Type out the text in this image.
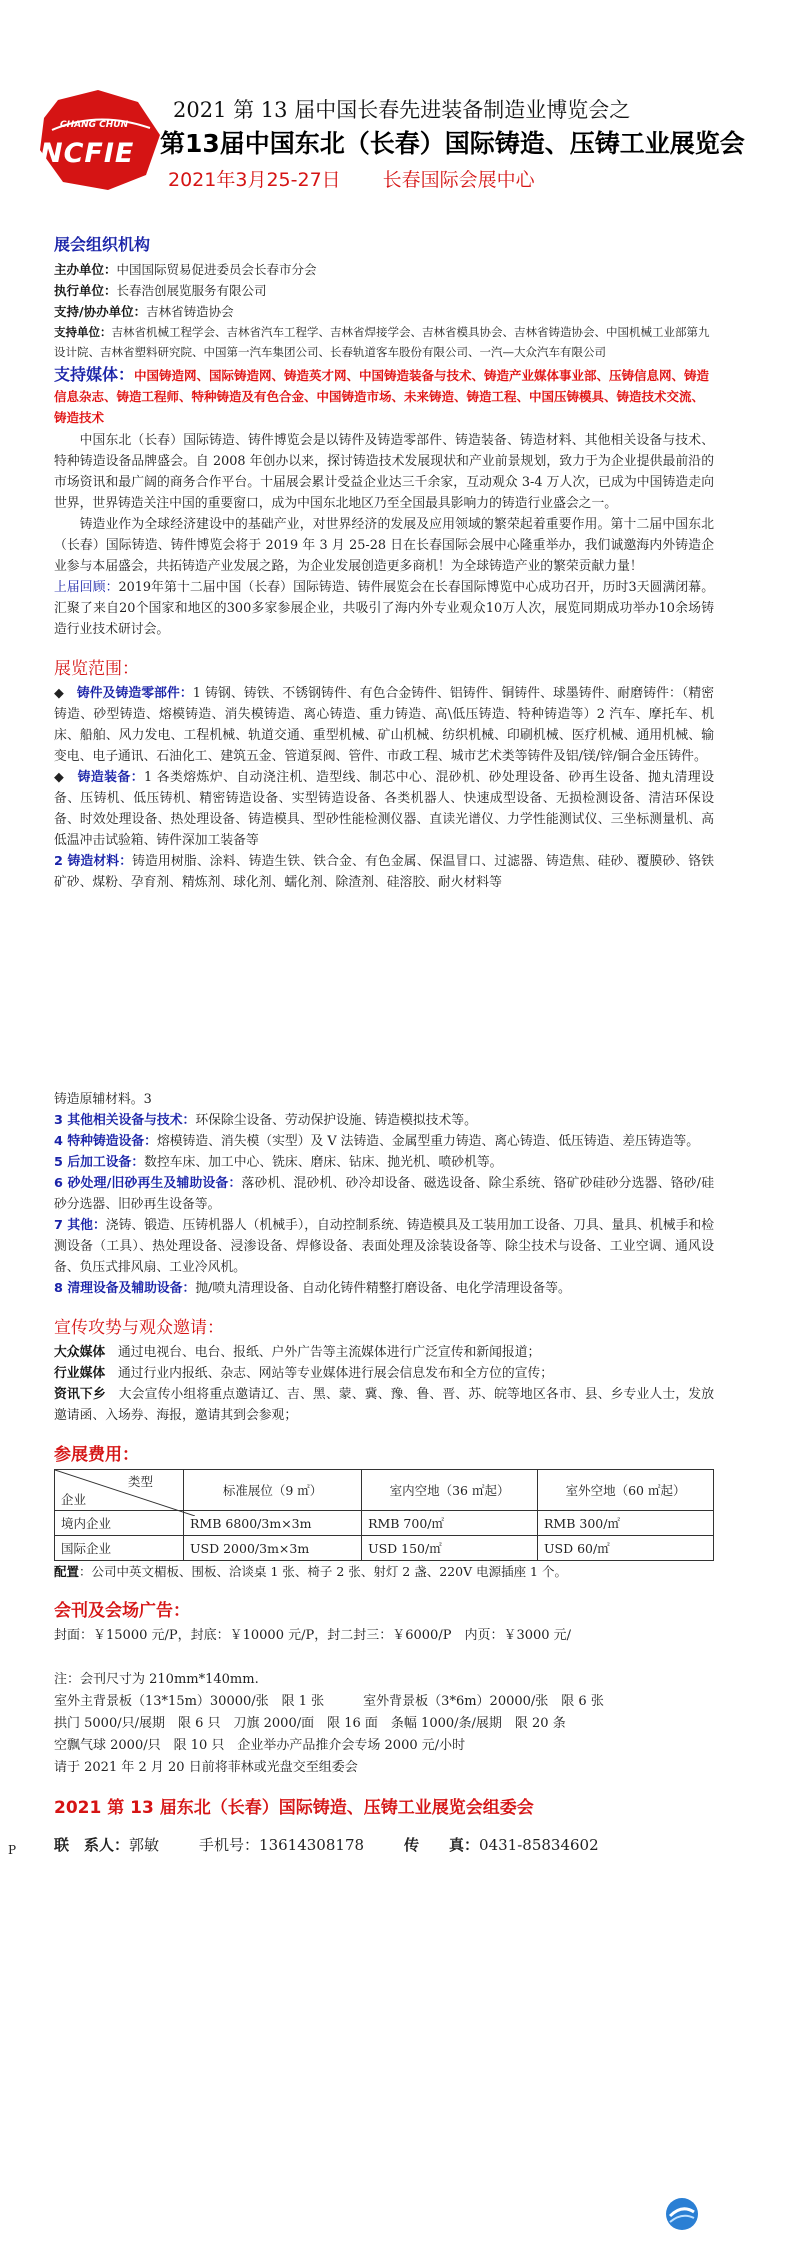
CHANG CHUN
NCFIE
2021 第 13 届中国长春先进装备制造业博览会之
第13届中国东北（长春）国际铸造、压铸工业展览会
2021年3月25-27日 长春国际会展中心
展会组织机构

主办单位：中国国际贸易促进委员会长春市分会

执行单位：长春浩创展览服务有限公司

支持/协办单位：吉林省铸造协会

支持单位：吉林省机械工程学会、吉林省汽车工程学、吉林省焊接学会、吉林省模具协会、吉林省铸造协会、中国机械工业部第九设计院、吉林省塑料研究院、中国第一汽车集团公司、长春轨道客车股份有限公司、一汽—大众汽车有限公司

支持媒体：中国铸造网、国际铸造网、铸造英才网、中国铸造装备与技术、铸造产业媒体事业部、压铸信息网、铸造信息杂志、铸造工程师、特种铸造及有色合金、中国铸造市场、未来铸造、铸造工程、中国压铸模具、铸造技术交流、铸造技术

中国东北（长春）国际铸造、铸件博览会是以铸件及铸造零部件、铸造装备、铸造材料、其他相关设备与技术、特种铸造设备品牌盛会。自 2008 年创办以来，探讨铸造技术发展现状和产业前景规划，致力于为企业提供最前沿的市场资讯和最广阔的商务合作平台。十届展会累计受益企业达三千余家，互动观众 3-4 万人次，已成为中国铸造走向世界，世界铸造关注中国的重要窗口，成为中国东北地区乃至全国最具影响力的铸造行业盛会之一。

铸造业作为全球经济建设中的基础产业，对世界经济的发展及应用领域的繁荣起着重要作用。第十二届中国东北（长春）国际铸造、铸件博览会将于 2019 年 3 月 25-28 日在长春国际会展中心隆重举办，我们诚邀海内外铸造企业参与本届盛会，共拓铸造产业发展之路，为企业发展创造更多商机！为全球铸造产业的繁荣贡献力量！

上届回顾：2019年第十二届中国（长春）国际铸造、铸件展览会在长春国际博览中心成功召开，历时3天圆满闭幕。汇聚了来自20个国家和地区的300多家参展企业，共吸引了海内外专业观众10万人次，展览同期成功举办10余场铸造行业技术研讨会。

展览范围：

◆　 铸件及铸造零部件：1 铸钢、铸铁、不锈钢铸件、有色合金铸件、铝铸件、铜铸件、球墨铸件、耐磨铸件：（精密铸造、砂型铸造、熔模铸造、消失模铸造、离心铸造、重力铸造、高\低压铸造、特种铸造等）2 汽车、摩托车、机床、船舶、风力发电、工程机械、轨道交通、重型机械、矿山机械、纺织机械、印刷机械、医疗机械、通用机械、输变电、电子通讯、石油化工、建筑五金、管道泵阀、管件、市政工程、城市艺术类等铸件及铝/镁/锌/铜合金压铸件。

◆　 铸造装备：1 各类熔炼炉、自动浇注机、造型线、制芯中心、混砂机、砂处理设备、砂再生设备、抛丸清理设备、压铸机、低压铸机、精密铸造设备、实型铸造设备、各类机器人、快速成型设备、无损检测设备、清洁环保设备、时效处理设备、热处理设备、铸造模具、型砂性能检测仪器、直读光谱仪、力学性能测试仪、三坐标测量机、高低温冲击试验箱、铸件深加工装备等

2 铸造材料：铸造用树脂、涂料、铸造生铁、铁合金、有色金属、保温冒口、过滤器、铸造焦、硅砂、覆膜砂、铬铁矿砂、煤粉、孕育剂、精炼剂、球化剂、蠕化剂、除渣剂、硅溶胶、耐火材料等

铸造原辅材料。3

3 其他相关设备与技术：环保除尘设备、劳动保护设施、铸造模拟技术等。

4 特种铸造设备：熔模铸造、消失模（实型）及 V 法铸造、金属型重力铸造、离心铸造、低压铸造、差压铸造等。

5 后加工设备：数控车床、加工中心、铣床、磨床、钻床、抛光机、喷砂机等。

6 砂处理/旧砂再生及辅助设备：落砂机、混砂机、砂冷却设备、磁选设备、除尘系统、铬矿砂硅砂分选器、铬砂/硅砂分选器、旧砂再生设备等。

7 其他：浇铸、锻造、压铸机器人（机械手），自动控制系统、铸造模具及工装用加工设备、刀具、量具、机械手和检测设备（工具）、热处理设备、浸渗设备、焊修设备、表面处理及涂装设备等、除尘技术与设备、工业空调、通风设备、负压式排风扇、工业冷风机。

8 清理设备及辅助设备：抛/喷丸清理设备、自动化铸件精整打磨设备、电化学清理设备等。

宣传攻势与观众邀请：

大众媒体　 通过电视台、电台、报纸、户外广告等主流媒体进行广泛宣传和新闻报道；

行业媒体　 通过行业内报纸、杂志、网站等专业媒体进行展会信息发布和全方位的宣传；

资讯下乡　 大会宣传小组将重点邀请辽、吉、黑、蒙、冀、豫、鲁、晋、苏、皖等地区各市、县、乡专业人士，发放邀请函、入场券、海报，邀请其到会参观；

参展费用：
类型
企业	标准展位（9 ㎡）	室内空地（36 ㎡起）	室外空地（60 ㎡起）
境内企业	RMB 6800/3m×3m	RMB 700/㎡	RMB 300/㎡
国际企业	USD 2000/3m×3m	USD 150/㎡	USD 60/㎡

配置：公司中英文楣板、围板、洽谈桌 1 张、椅子 2 张、射灯 2 盏、220V 电源插座 1 个。

会刊及会场广告：

封面：￥15000 元/P，封底：￥10000 元/P，封二封三：￥6000/P　内页：￥3000 元/

注：会刊尺寸为 210mm*140mm.

室外主背景板（13*15m）30000/张　限 1 张　　　室外背景板（3*6m）20000/张　限 6 张

拱门 5000/只/展期　限 6 只　刀旗 2000/面　限 16 面　条幅 1000/条/展期　限 20 条

空飘气球 2000/只　限 10 只　企业举办产品推介会专场 2000 元/小时

请于 2021 年 2 月 20 日前将菲林或光盘交至组委会

2021 第 13 届东北（长春）国际铸造、压铸工业展览会组委会

联　系人：郭敏	手机号：13614308178	传　　真：0431-85834602

P
